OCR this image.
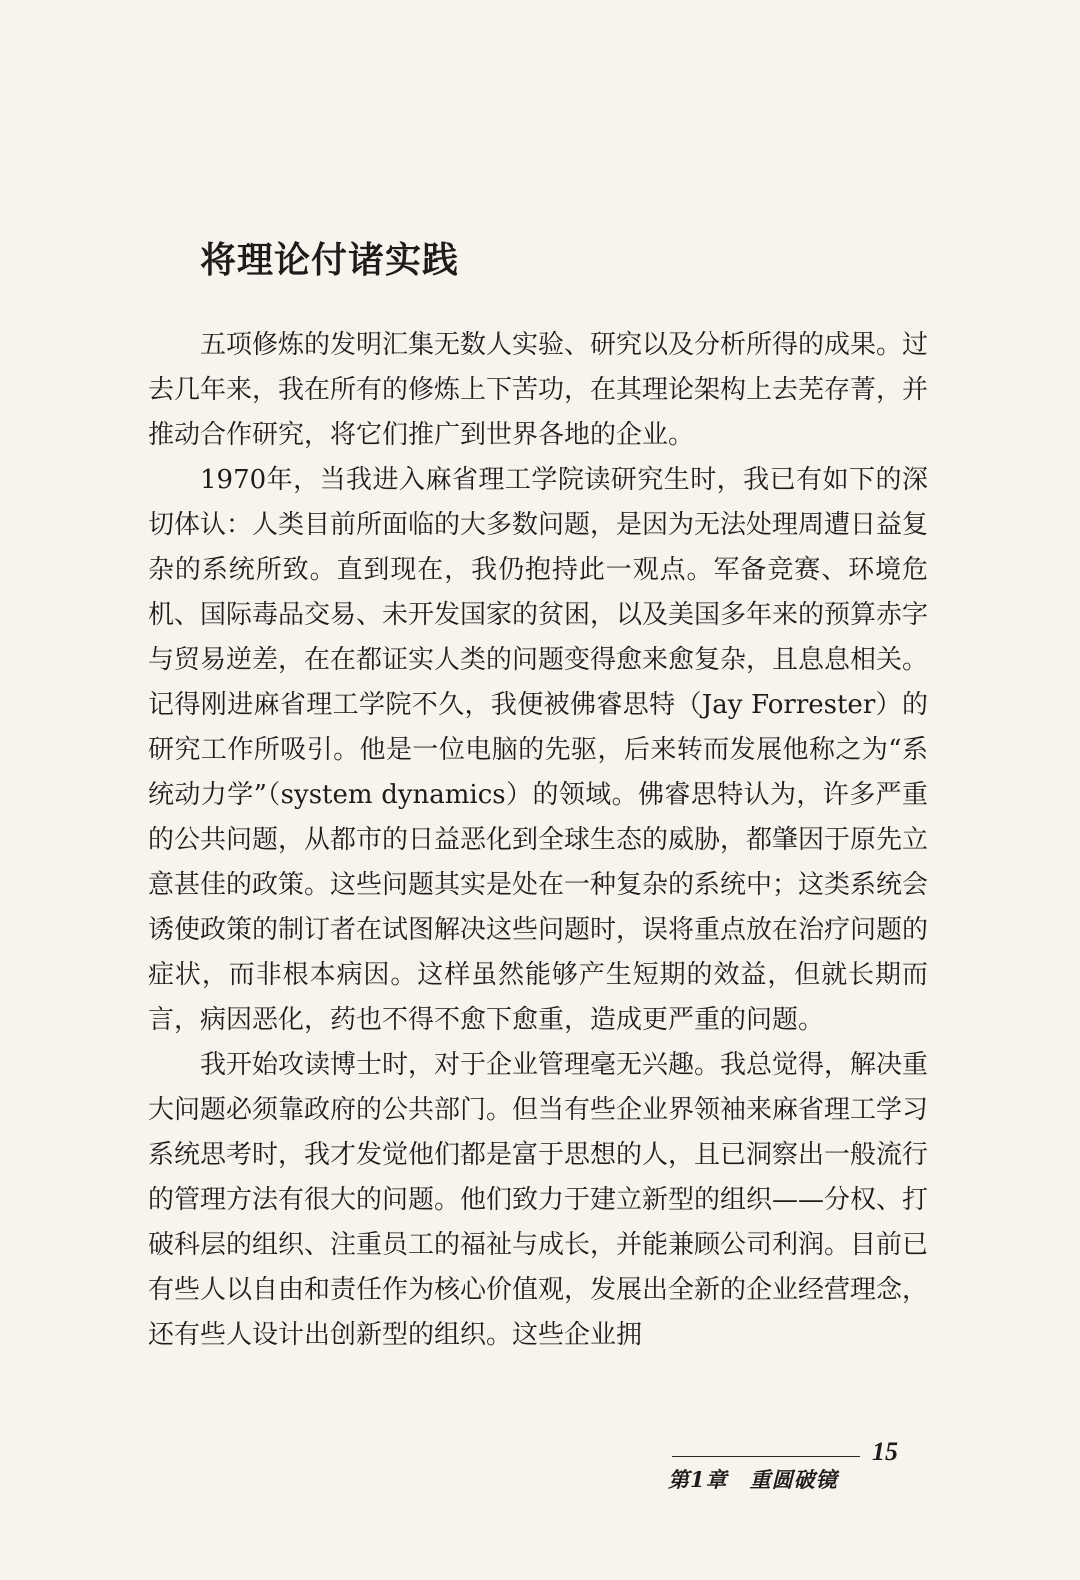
将理论付诸实践

五项修炼的发明汇集无数人实验、研究以及分析所得的成果。过去几年来，我在所有的修炼上下苦功，在其理论架构上去芜存菁，并推动合作研究，将它们推广到世界各地的企业。

1970年，当我进入麻省理工学院读研究生时，我已有如下的深切体认：人类目前所面临的大多数问题，是因为无法处理周遭日益复杂的系统所致。直到现在，我仍抱持此一观点。军备竞赛、环境危机、国际毒品交易、未开发国家的贫困，以及美国多年来的预算赤字与贸易逆差，在在都证实人类的问题变得愈来愈复杂，且息息相关。记得刚进麻省理工学院不久，我便被佛睿思特（Jay Forrester）的研究工作所吸引。他是一位电脑的先驱，后来转而发展他称之为“系统动力学”（system dynamics）的领域。佛睿思特认为，许多严重的公共问题，从都市的日益恶化到全球生态的威胁，都肇因于原先立意甚佳的政策。这些问题其实是处在一种复杂的系统中；这类系统会诱使政策的制订者在试图解决这些问题时，误将重点放在治疗问题的症状，而非根本病因。这样虽然能够产生短期的效益，但就长期而言，病因恶化，药也不得不愈下愈重，造成更严重的问题。

我开始攻读博士时，对于企业管理毫无兴趣。我总觉得，解决重大问题必须靠政府的公共部门。但当有些企业界领袖来麻省理工学习系统思考时，我才发觉他们都是富于思想的人，且已洞察出一般流行的管理方法有很大的问题。他们致力于建立新型的组织——分权、打破科层的组织、注重员工的福祉与成长，并能兼顾公司利润。目前已有些人以自由和责任作为核心价值观，发展出全新的企业经营理念，还有些人设计出创新型的组织。这些企业拥

第1章　重圆破镜
15
